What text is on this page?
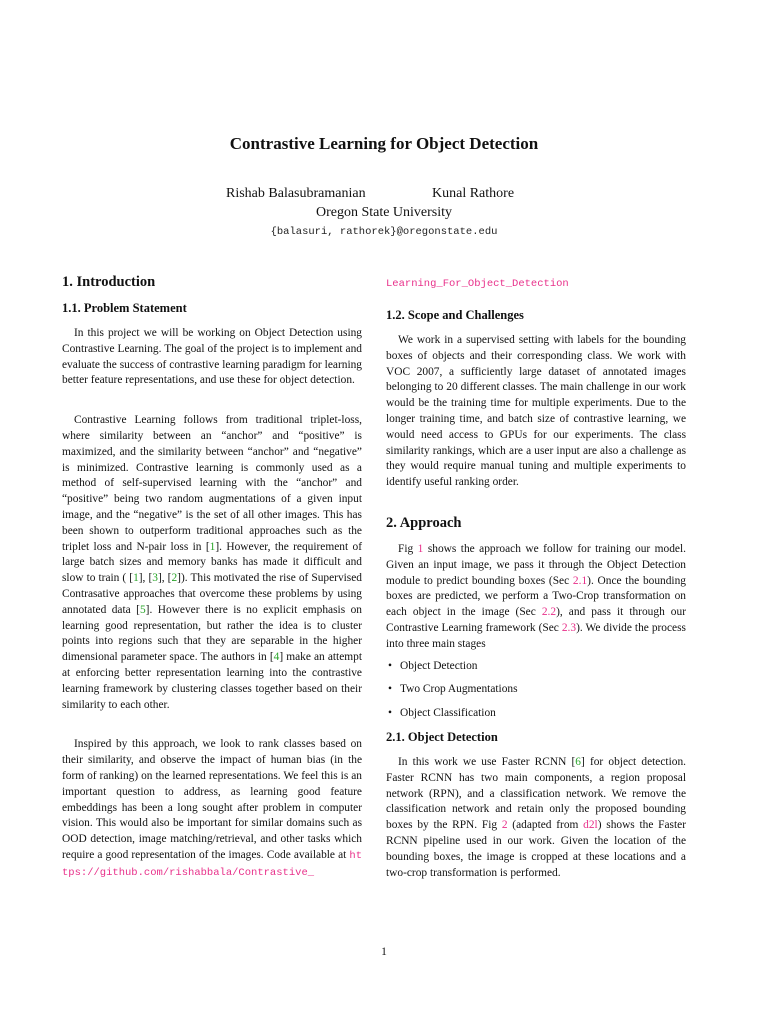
Contrastive Learning for Object Detection
Rishab Balasubramanian	Kunal Rathore
Oregon State University
{balasuri, rathorek}@oregonstate.edu
1. Introduction
1.1. Problem Statement

In this project we will be working on Object Detection using Contrastive Learning. The goal of the project is to implement and evaluate the success of contrastive learning paradigm for learning better feature representations, and use these for object detection.

Contrastive Learning follows from traditional triplet-loss, where similarity between an “anchor” and “positive” is maximized, and the similarity between “anchor” and “negative” is minimized. Contrastive learning is commonly used as a method of self-supervised learning with the “anchor” and “positive” being two random augmentations of a given input image, and the “negative” is the set of all other images. This has been shown to outperform traditional approaches such as the triplet loss and N-pair loss in [1]. However, the requirement of large batch sizes and memory banks has made it difficult and slow to train ( [1], [3], [2]). This motivated the rise of Supervised Contrasative approaches that overcome these problems by using annotated data [5]. However there is no explicit emphasis on learning good representation, but rather the idea is to cluster points into regions such that they are separable in the higher dimensional parameter space. The authors in [4] make an attempt at enforcing better representation learning into the contrastive learning framework by clustering classes together based on their similarity to each other.

Inspired by this approach, we look to rank classes based on their similarity, and observe the impact of human bias (in the form of ranking) on the learned representations. We feel this is an important question to address, as learning good feature embeddings has been a long sought after problem in computer vision. This would also be important for similar domains such as OOD detection, image matching/retrieval, and other tasks which require a good representation of the images. Code available at https://github.com/rishabbala/Contrastive_

Learning_For_Object_Detection
1.2. Scope and Challenges

We work in a supervised setting with labels for the bounding boxes of objects and their corresponding class. We work with VOC 2007, a sufficiently large dataset of annotated images belonging to 20 different classes. The main challenge in our work would be the training time for multiple experiments. Due to the longer training time, and batch size of contrastive learning, we would need access to GPUs for our experiments. The class similarity rankings, which are a user input are also a challenge as they would require manual tuning and multiple experiments to identify useful ranking order.

2. Approach

Fig 1 shows the approach we follow for training our model. Given an input image, we pass it through the Object Detection module to predict bounding boxes (Sec 2.1). Once the bounding boxes are predicted, we perform a Two-Crop transformation on each object in the image (Sec 2.2), and pass it through our Contrastive Learning framework (Sec 2.3). We divide the process into three main stages

• Object Detection
• Two Crop Augmentations
• Object Classification
2.1. Object Detection

In this work we use Faster RCNN [6] for object detection. Faster RCNN has two main components, a region proposal network (RPN), and a classification network. We remove the classification network and retain only the proposed bounding boxes by the RPN. Fig 2 (adapted from d2l) shows the Faster RCNN pipeline used in our work. Given the location of the bounding boxes, the image is cropped at these locations and a two-crop transformation is performed.

1
